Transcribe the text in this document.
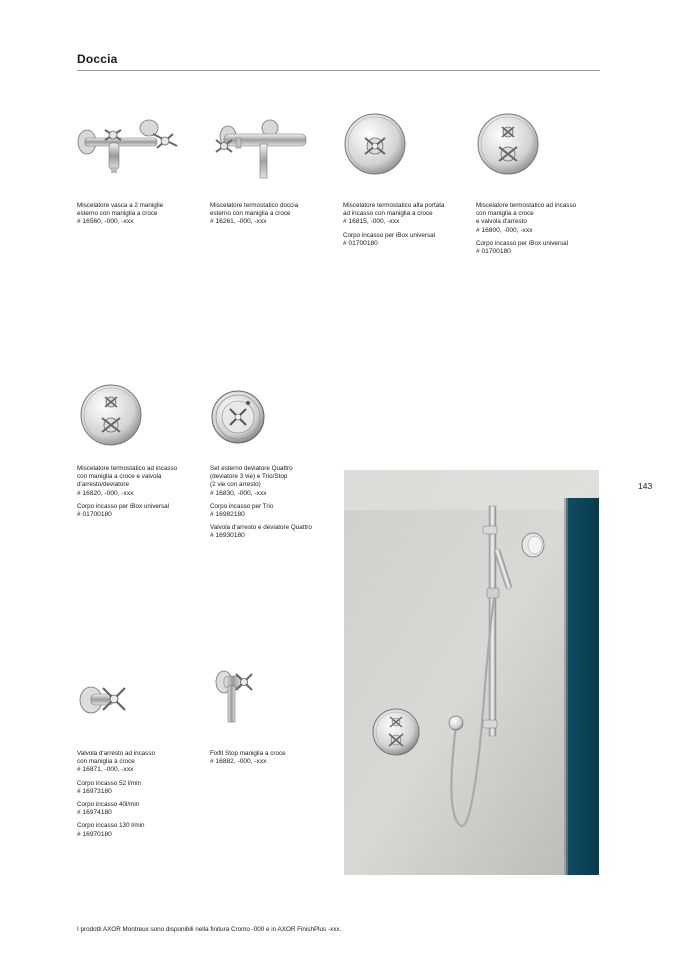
Doccia

Miscelatore vasca a 2 maniglie

esterno con maniglia a croce

# 16560, -000, -xxx

Miscelatore termostatico doccia

esterno con maniglia a croce

# 16261, -000, -xxx

Miscelatore termostatico alta portata

ad incasso con maniglia a croce

# 16815, -000, -xxx

Corpo incasso per iBox universal

# 01700180

Miscelatore termostatico ad incasso

con maniglia a croce

e valvola d'arresto

# 16800, -000, -xxx

Corpo incasso per iBox universal

# 01700180

Miscelatore termostatico ad incasso

con maniglia a croce e valvola

d'arresto/deviatore

# 16820, -000, -xxx

Corpo incasso per iBox universal

# 01700180

Set esterno deviatore Quattro

(deviatore 3 vie) e Trio/Stop

(2 vie con arresto)

# 16830, -000, -xxx

Corpo incasso per Trio

# 16982180

Valvola d'arresto e deviatore Quattro

# 16930180

Valvola d'arresto ad incasso

con maniglia a croce

# 16871, -000, -xxx

Corpo incasso 52 l/min

# 16973180

Corpo incasso 40l/min

# 16974180

Corpo incasso 130 l/min

# 16970180

Fixfit Stop maniglia a croce

# 16882, -000, -xxx

143
I prodotti AXOR Montreux sono disponibili nella finitura Cromo -000 e in AXOR FinishPlus -xxx.
